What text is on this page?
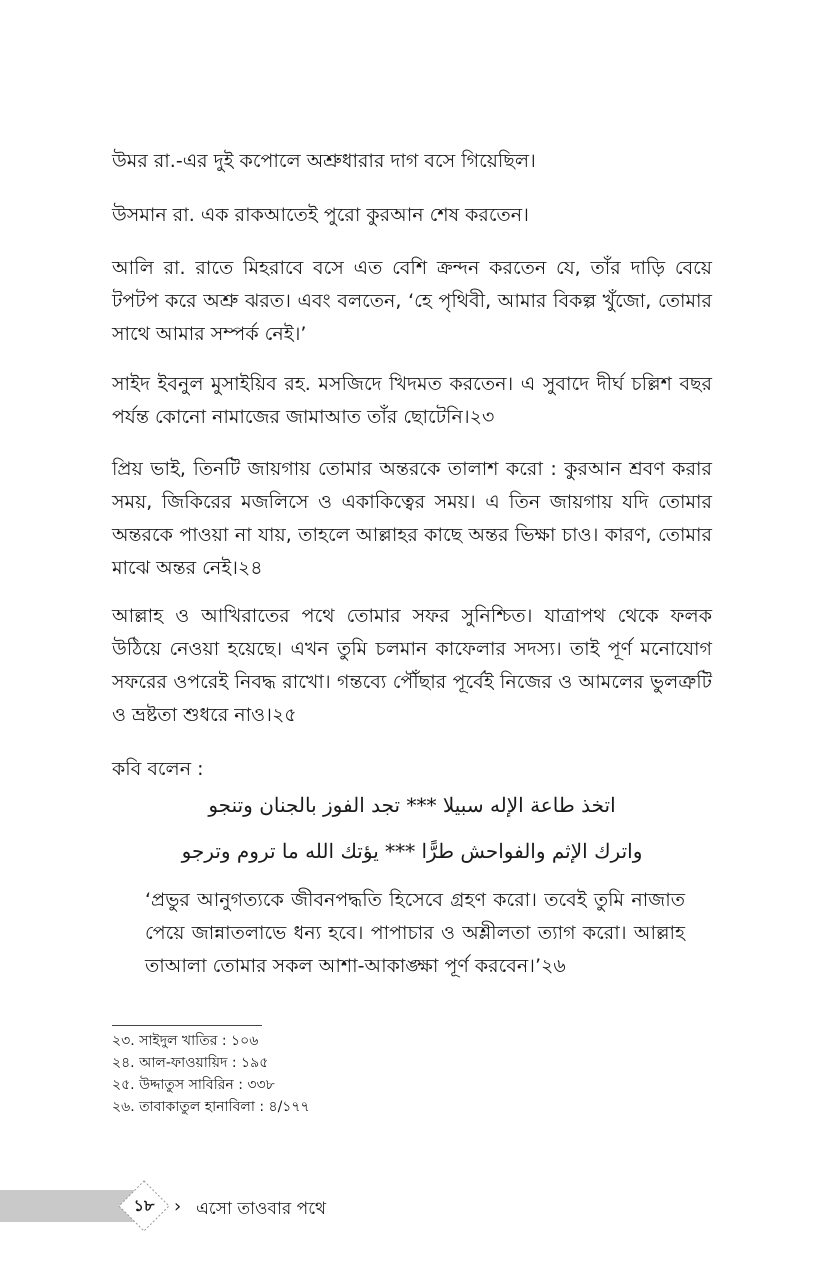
উমর রা.-এর দুই কপোলে অশ্রুধারার দাগ বসে গিয়েছিল।

উসমান রা. এক রাকআতেই পুরো কুরআন শেষ করতেন।

আলি রা. রাতে মিহরাবে বসে এত বেশি ক্রন্দন করতেন যে, তাঁর দাড়ি বেয়ে টপটপ করে অশ্রু ঝরত। এবং বলতেন, ‘হে পৃথিবী, আমার বিকল্প খুঁজো, তোমার সাথে আমার সম্পর্ক নেই।’

সাইদ ইবনুল মুসাইয়িব রহ. মসজিদে খিদমত করতেন। এ সুবাদে দীর্ঘ চল্লিশ বছর পর্যন্ত কোনো নামাজের জামাআত তাঁর ছোটেনি।২৩

প্রিয় ভাই, তিনটি জায়গায় তোমার অন্তরকে তালাশ করো : কুরআন শ্রবণ করার সময়, জিকিরের মজলিসে ও একাকিত্বের সময়। এ তিন জায়গায় যদি তোমার অন্তরকে পাওয়া না যায়, তাহলে আল্লাহর কাছে অন্তর ভিক্ষা চাও। কারণ, তোমার মাঝে অন্তর নেই।২৪

আল্লাহ ও আখিরাতের পথে তোমার সফর সুনিশ্চিত। যাত্রাপথ থেকে ফলক উঠিয়ে নেওয়া হয়েছে। এখন তুমি চলমান কাফেলার সদস্য। তাই পূর্ণ মনোযোগ সফরের ওপরেই নিবদ্ধ রাখো। গন্তব্যে পৌঁছার পূর্বেই নিজের ও আমলের ভুলত্রুটি ও ভ্রষ্টতা শুধরে নাও।২৫

কবি বলেন :

اتخذ طاعة الإله سبيلا *** تجد الفوز بالجنان وتنجو

واترك الإثم والفواحش طرًّا *** يؤتك الله ما تروم وترجو

‘প্রভুর আনুগত্যকে জীবনপদ্ধতি হিসেবে গ্রহণ করো। তবেই তুমি নাজাত পেয়ে জান্নাতলাভে ধন্য হবে। পাপাচার ও অশ্লীলতা ত্যাগ করো। আল্লাহ তাআলা তোমার সকল আশা-আকাঙ্ক্ষা পূর্ণ করবেন।’২৬

২৩. সাইদুল খাতির : ১০৬
২৪. আল-ফাওয়ায়িদ : ১৯৫
২৫. উদ্দাতুস সাবিরিন : ৩৩৮
২৬. তাবাকাতুল হানাবিলা : ৪/১৭৭
১৮	› এসো তাওবার পথে
